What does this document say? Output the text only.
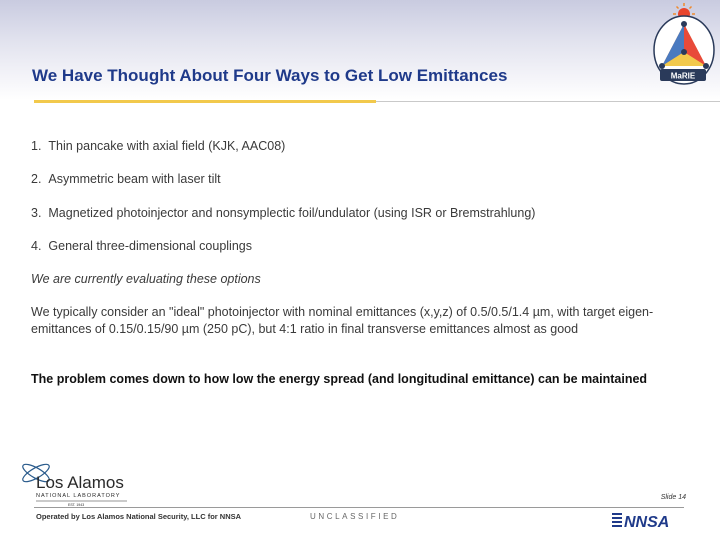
We Have Thought About Four Ways to Get Low Emittances	MaRIE
1. Thin pancake with axial field (KJK, AAC08)
2. Asymmetric beam with laser tilt
3. Magnetized photoinjector and nonsymplectic foil/undulator (using ISR or Bremstrahlung)
4. General three-dimensional couplings
We are currently evaluating these options
We typically consider an "ideal" photoinjector with nominal emittances (x,y,z) of 0.5/0.5/1.4 µm, with target eigen-emittances of 0.15/0.15/90 µm (250 pC), but 4:1 ratio in final transverse emittances almost as good
The problem comes down to how low the energy spread (and longitudinal emittance) can be maintained
Los Alamos
NATIONAL LABORATORY
EST. 1943
Slide 14
Operated by Los Alamos National Security, LLC for NNSA	UNCLASSIFIED	NNSA
